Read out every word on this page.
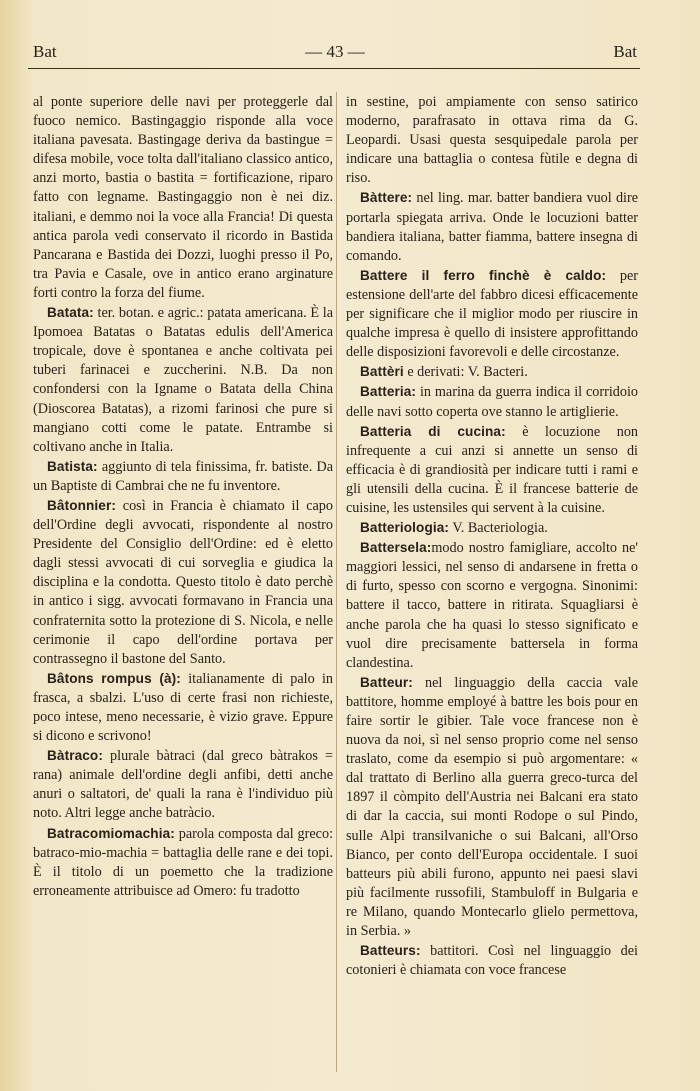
Bat	— 43 —	Bat

al ponte superiore delle navi per proteggerle dal fuoco nemico. Bastingaggio risponde alla voce italiana pavesata. Bastingage deriva da bastingue = difesa mobile, voce tolta dall'italiano classico antico, anzi morto, bastia o bastita = fortificazione, riparo fatto con legname. Bastingaggio non è nei diz. italiani, e demmo noi la voce alla Francia! Di questa antica parola vedi conservato il ricordo in Bastida Pancarana e Bastida dei Dozzi, luoghi presso il Po, tra Pavia e Casale, ove in antico erano arginature forti contro la forza del fiume.

Batata: ter. botan. e agric.: patata americana. È la Ipomoea Batatas o Batatas edulis dell'America tropicale, dove è spontanea e anche coltivata pei tuberi farinacei e zuccherini. N.B. Da non confondersi con la Igname o Batata della China (Dioscorea Batatas), a rizomi farinosi che pure si mangiano cotti come le patate. Entrambe si coltivano anche in Italia.

Batista: aggiunto di tela finissima, fr. batiste. Da un Baptiste di Cambrai che ne fu inventore.

Bâtonnier: così in Francia è chiamato il capo dell'Ordine degli avvocati, rispondente al nostro Presidente del Consiglio dell'Ordine: ed è eletto dagli stessi avvocati di cui sorveglia e giudica la disciplina e la condotta. Questo titolo è dato perchè in antico i sigg. avvocati formavano in Francia una confraternita sotto la protezione di S. Nicola, e nelle cerimonie il capo dell'ordine portava per contrassegno il bastone del Santo.

Bâtons rompus (à): italianamente di palo in frasca, a sbalzi. L'uso di certe frasi non richieste, poco intese, meno necessarie, è vizio grave. Eppure si dicono e scrivono!

Bàtraco: plurale bàtraci (dal greco bàtrakos = rana) animale dell'ordine degli anfibi, detti anche anuri o saltatori, de' quali la rana è l'individuo più noto. Altri legge anche batràcio.

Batracomiomachia: parola composta dal greco: batraco-mio-machia = battaglia delle rane e dei topi. È il titolo di un poemetto che la tradizione erroneamente attribuisce ad Omero: fu tradotto

in sestine, poi ampiamente con senso satirico moderno, parafrasato in ottava rima da G. Leopardi. Usasi questa sesquipedale parola per indicare una battaglia o contesa fùtile e degna di riso.

Bàttere: nel ling. mar. batter bandiera vuol dire portarla spiegata arriva. Onde le locuzioni batter bandiera italiana, batter fiamma, battere insegna di comando.

Battere il ferro finchè è caldo: per estensione dell'arte del fabbro dicesi efficacemente per significare che il miglior modo per riuscire in qualche impresa è quello di insistere approfittando delle disposizioni favorevoli e delle circostanze.

Battèri e derivati: V. Bacteri.

Batteria: in marina da guerra indica il corridoio delle navi sotto coperta ove stanno le artiglierie.

Batteria di cucina: è locuzione non infrequente a cui anzi si annette un senso di efficacia è di grandiosità per indicare tutti i rami e gli utensili della cucina. È il francese batterie de cuisine, les ustensiles qui servent à la cuisine.

Batteriologia: V. Bacteriologia.

Battersela:modo nostro famigliare, accolto ne' maggiori lessici, nel senso di andarsene in fretta o di furto, spesso con scorno e vergogna. Sinonimi: battere il tacco, battere in ritirata. Squagliarsi è anche parola che ha quasi lo stesso significato e vuol dire precisamente battersela in forma clandestina.

Batteur: nel linguaggio della caccia vale battitore, homme employé à battre les bois pour en faire sortir le gibier. Tale voce francese non è nuova da noi, sì nel senso proprio come nel senso traslato, come da esempio si può argomentare: « dal trattato di Berlino alla guerra greco-turca del 1897 il còmpito dell'Austria nei Balcani era stato di dar la caccia, sui monti Rodope o sul Pindo, sulle Alpi transilvaniche o sui Balcani, all'Orso Bianco, per conto dell'Europa occidentale. I suoi batteurs più abili furono, appunto nei paesi slavi più facilmente russofili, Stambuloff in Bulgaria e re Milano, quando Montecarlo glielo permettova, in Serbia. »

Batteurs: battitori. Così nel linguaggio dei cotonieri è chiamata con voce francese
